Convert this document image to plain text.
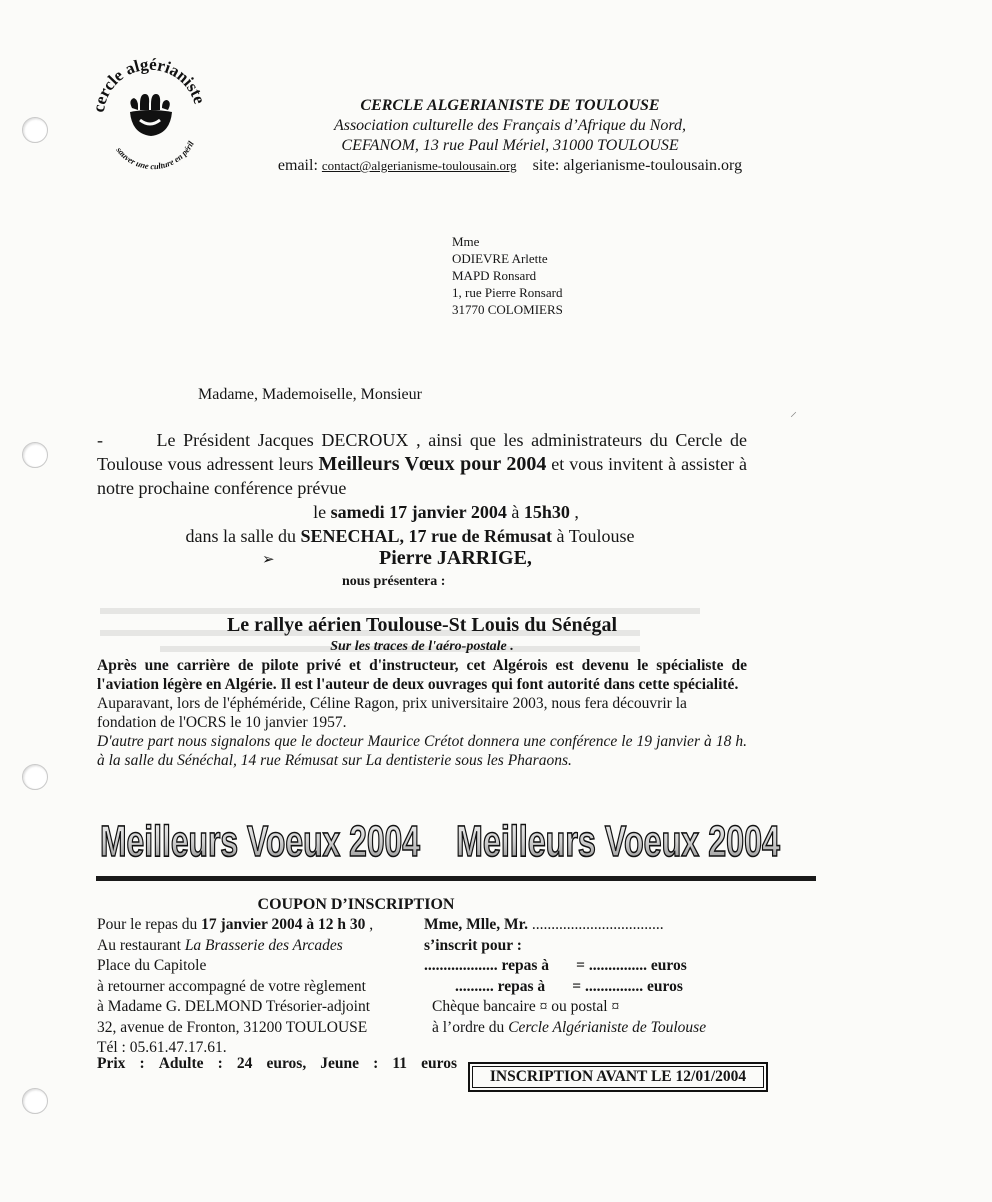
cercle algérianiste
sauver une culture en péril
CERCLE ALGERIANISTE DE TOULOUSE
Association culturelle des Français d’Afrique du Nord,
CEFANOM, 13 rue Paul Mériel, 31000 TOULOUSE
email: contact@algerianisme-toulousain.org site: algerianisme-toulousain.org
Mme
ODIEVRE Arlette
MAPD Ronsard
1, rue Pierre Ronsard
31770 COLOMIERS
⸝
Madame, Mademoiselle, Monsieur
-	Le Président Jacques DECROUX , ainsi que les administrateurs du Cercle de Toulouse vous adressent leurs Meilleurs Vœux pour 2004 et vous invitent à assister à notre prochaine conférence prévue
le samedi 17 janvier 2004 à 15h30 ,
dans la salle du SENECHAL, 17 rue de Rémusat à Toulouse
➢	Pierre JARRIGE,
nous présentera :
Le rallye aérien Toulouse-St Louis du Sénégal
Sur les traces de l'aéro-postale .
Après une carrière de pilote privé et d'instructeur, cet Algérois est devenu le spécialiste de l'aviation légère en Algérie. Il est l'auteur de deux ouvrages qui font autorité dans cette spécialité.
Auparavant, lors de l'éphéméride, Céline Ragon, prix universitaire 2003, nous fera découvrir la fondation de l'OCRS le 10 janvier 1957.
D'autre part nous signalons que le docteur Maurice Crétot donnera une conférence le 19 janvier à 18 h. à la salle du Sénéchal, 14 rue Rémusat sur La dentisterie sous les Pharaons.
Meilleurs Voeux 2004 Meilleurs Voeux 2004
COUPON D’INSCRIPTION
Pour le repas du 17 janvier 2004 à 12 h 30 ,
Au restaurant La Brasserie des Arcades
Place du Capitole
à retourner accompagné de votre règlement
à Madame G. DELMOND Trésorier-adjoint
32, avenue de Fronton, 31200 TOULOUSE
Tél : 05.61.47.17.61.
Mme, Mlle, Mr. ..................................
s’inscrit pour :
................... repas à       = ............... euros
.......... repas à       = ............... euros
Chèque bancaire ¤ ou postal ¤
à l’ordre du Cercle Algérianiste de Toulouse
Prix : Adulte : 24 euros, Jeune : 11 euros
INSCRIPTION AVANT LE 12/01/2004
